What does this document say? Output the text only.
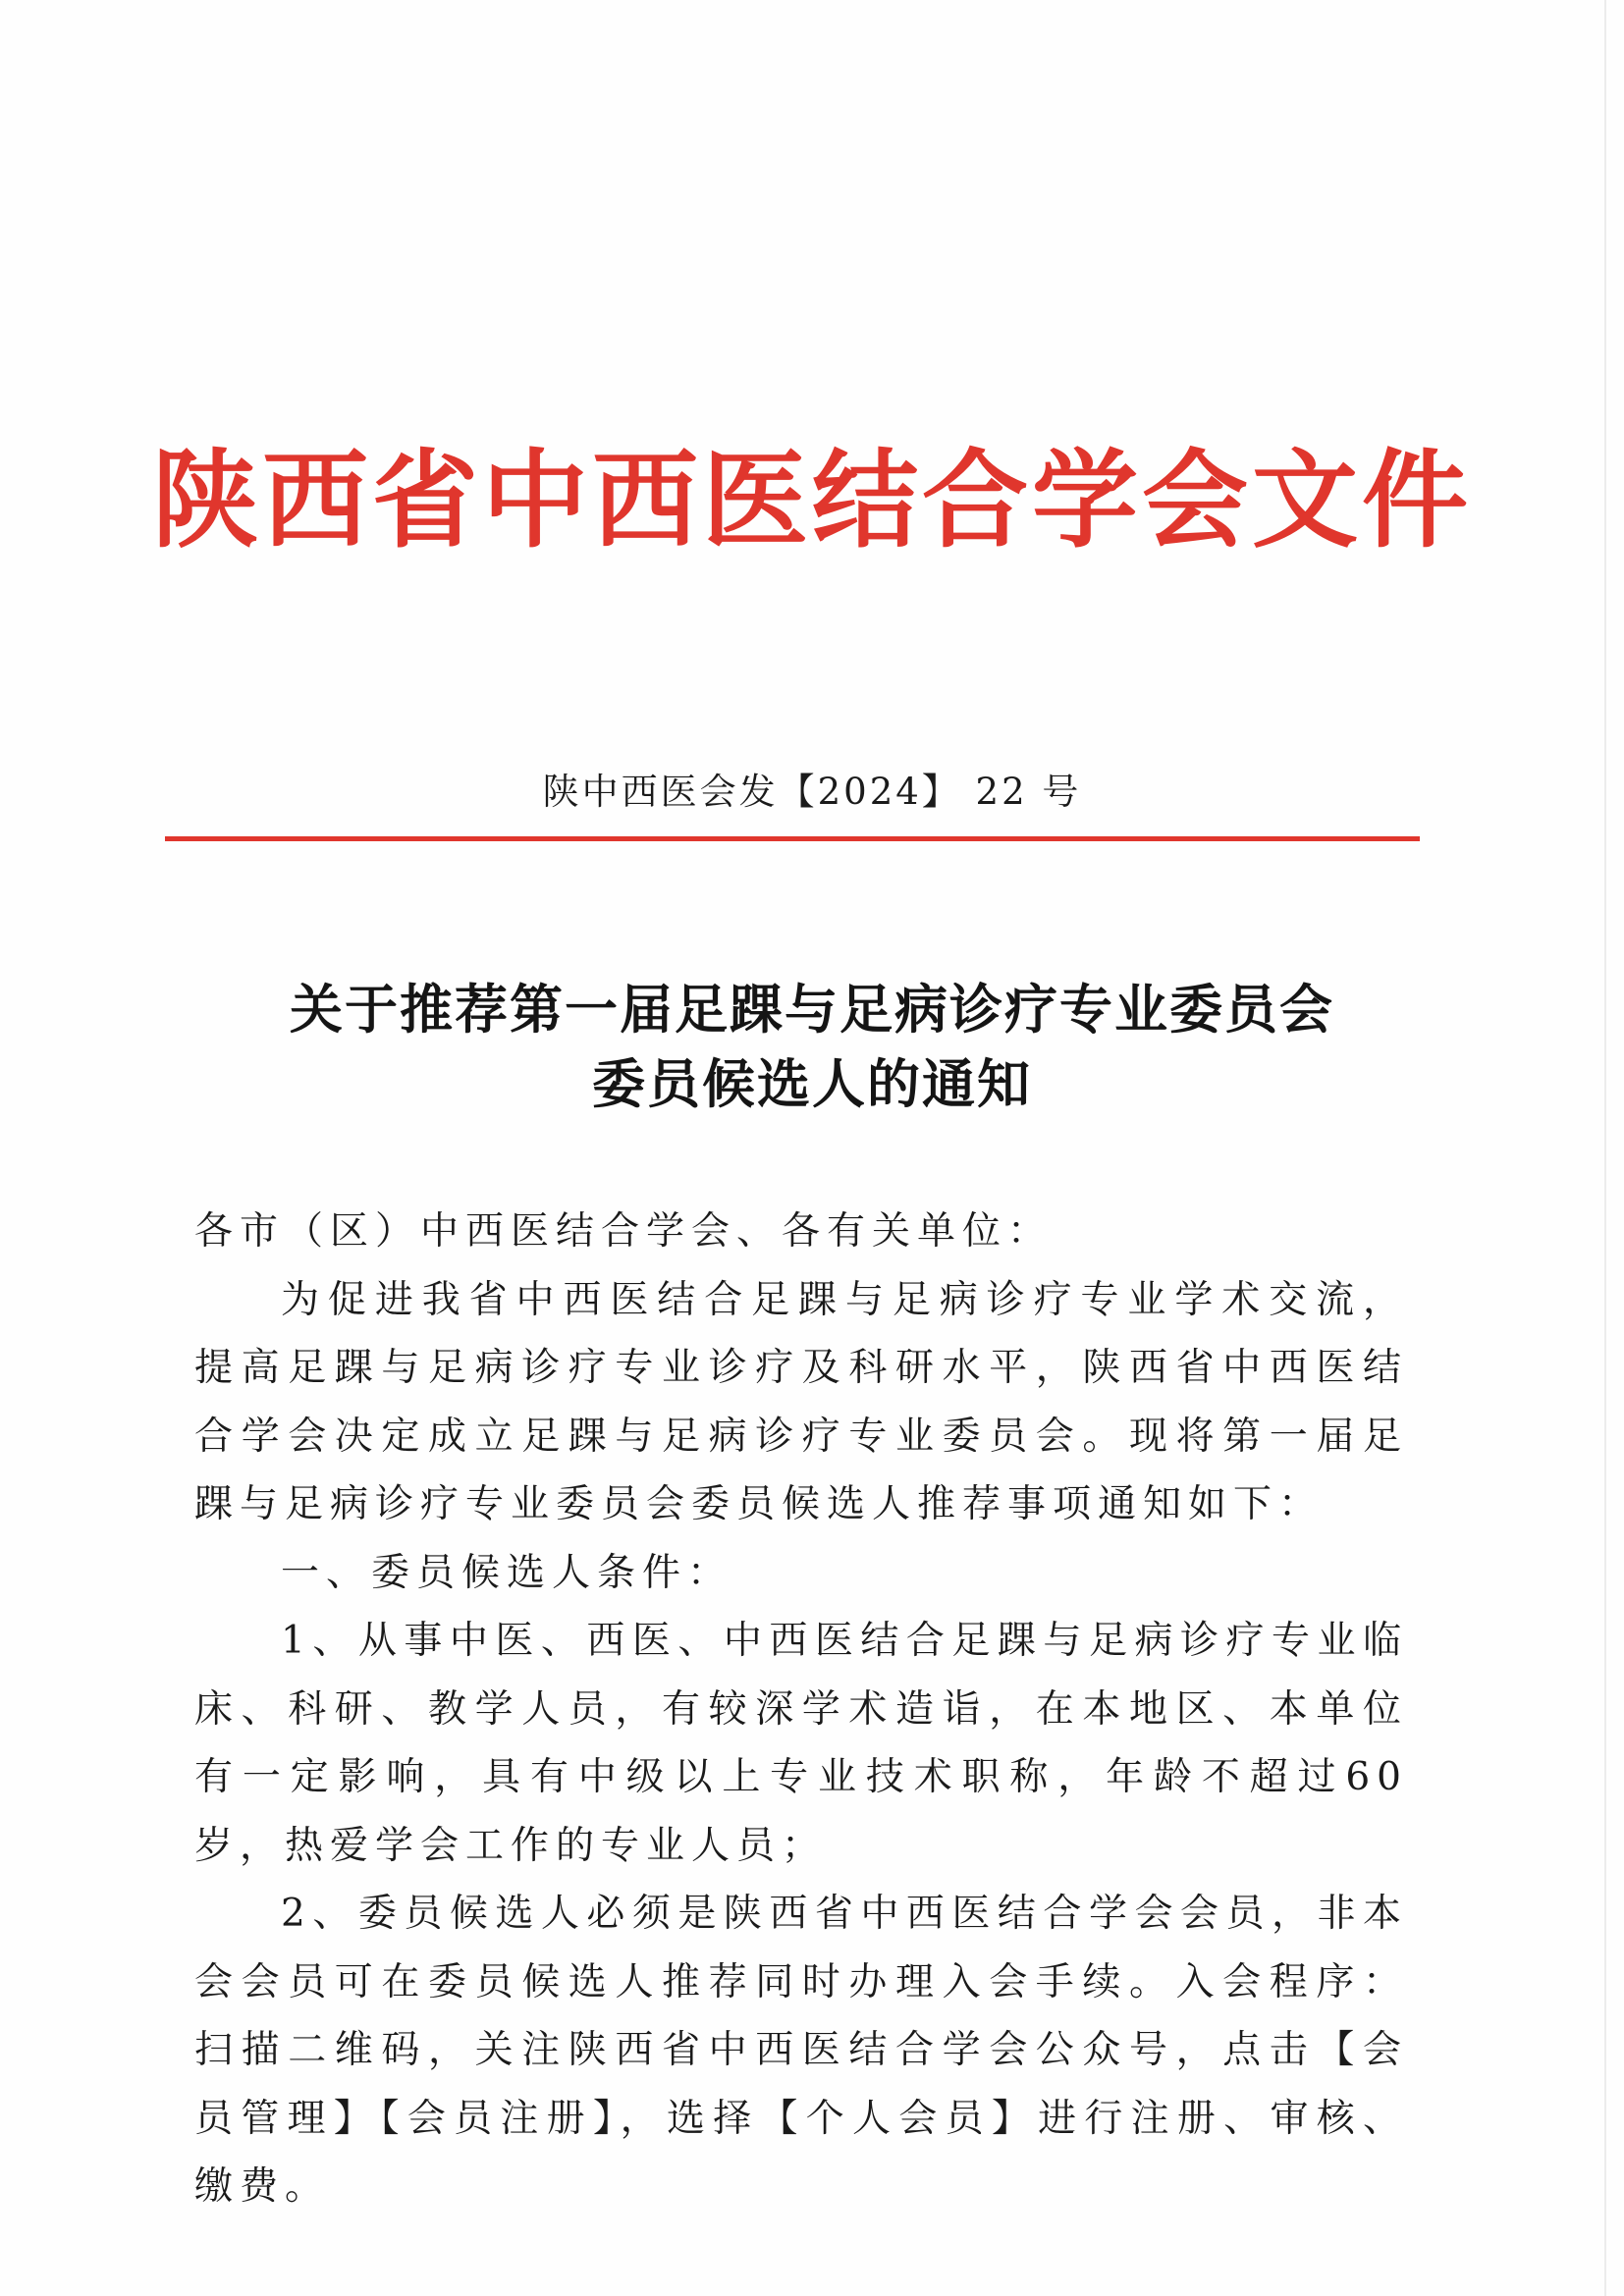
陕西省中西医结合学会文件
陕中西医会发【2024】 22 号
关于推荐第一届足踝与足病诊疗专业委员会
委员候选人的通知

各市（区）中西医结合学会、各有关单位：

为促进我省中西医结合足踝与足病诊疗专业学术交流，提高足踝与足病诊疗专业诊疗及科研水平，陕西省中西医结合学会决定成立足踝与足病诊疗专业委员会。现将第一届足踝与足病诊疗专业委员会委员候选人推荐事项通知如下：

一、委员候选人条件：

1、从事中医、西医、中西医结合足踝与足病诊疗专业临床、科研、教学人员，有较深学术造诣，在本地区、本单位有一定影响，具有中级以上专业技术职称，年龄不超过60岁，热爱学会工作的专业人员；

2、委员候选人必须是陕西省中西医结合学会会员，非本会会员可在委员候选人推荐同时办理入会手续。入会程序：扫描二维码，关注陕西省中西医结合学会公众号，点击【会员管理】【会员注册】，选择【个人会员】进行注册、审核、缴费。
